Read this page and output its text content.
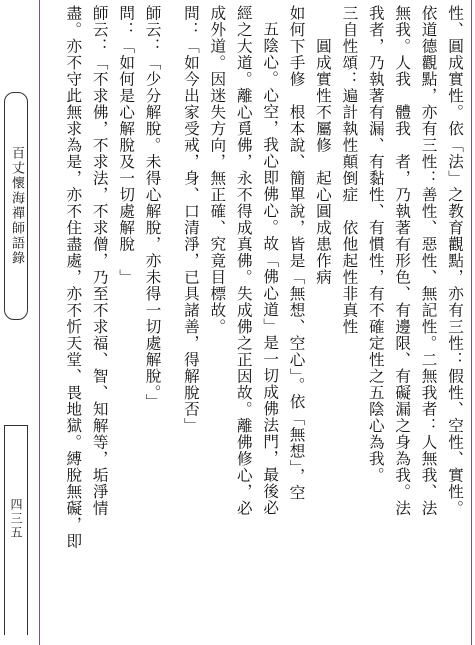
百丈懷海禪師語錄
四三五
性、圓成實性。依「法」之教育觀點，亦有三性：假性、空性、實性。
依道德觀點，亦有三性：善性、惡性、無記性。二無我者：人無我、法
無我。人我　體我　者，乃執著有形色、有邊限、有礙漏之身為我。法
我者，乃執著有漏、有黏性、有慣性，有不確定性之五陰心為我。
三自性頌：遍計執性顛倒症　依他起性非真性
圓成實性不屬修　起心圓成患作病
如何下手修　根本說、簡單說，皆是「無想、空心」。依「無想」，空
五陰心。心空，我心即佛心。故「佛心道」是一切成佛法門，最後必
經之大道。離心覓佛，永不得成真佛。失成佛之正因故。離佛修心，必
成外道。因迷失方向，無正確、究竟目標故。
問：「如今出家受戒，身、口清淨，已具諸善，得解脫否」
師云：「少分解脫。未得心解脫，亦未得一切處解脫。」
問：「如何是心解脫及一切處解脫　」
師云：「不求佛，不求法，不求僧，乃至不求福、智、知解等，垢淨情
盡。亦不守此無求為是，亦不住盡處，亦不忻天堂、畏地獄。縛脫無礙，即
